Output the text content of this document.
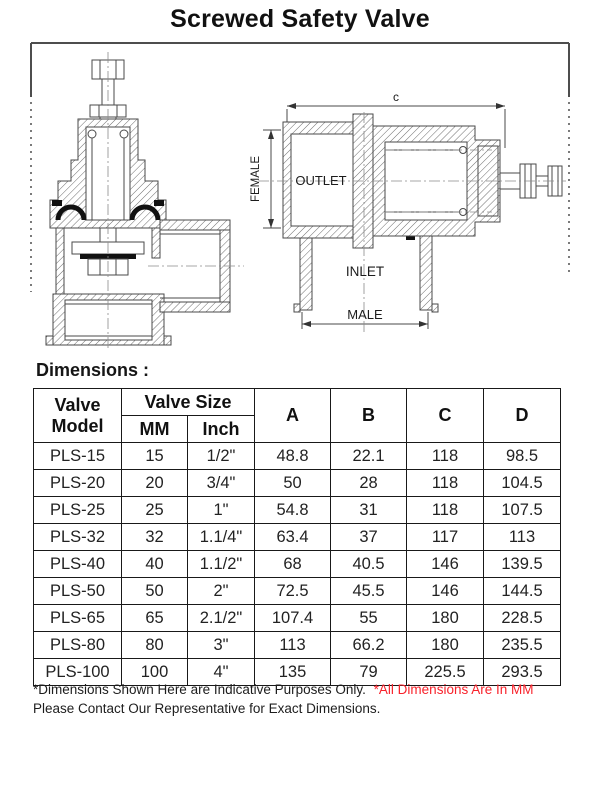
Screwed Safety Valve
c
FEMALE	OUTLET
INLET
MALE
Dimensions :
Valve Model	Valve Size		A	B	C	D
	MM	Inch				
PLS-15	15	1/2"	48.8	22.1	118	98.5
PLS-20	20	3/4"	50	28	118	104.5
PLS-25	25	1"	54.8	31	118	107.5
PLS-32	32	1.1/4"	63.4	37	117	113
PLS-40	40	1.1/2"	68	40.5	146	139.5
PLS-50	50	2"	72.5	45.5	146	144.5
PLS-65	65	2.1/2"	107.4	55	180	228.5
PLS-80	80	3"	113	66.2	180	235.5
PLS-100	100	4"	135	79	225.5	293.5
*Dimensions Shown Here are Indicative Purposes Only. *All Dimensions Are In MM
Please Contact Our Representative for Exact Dimensions.
